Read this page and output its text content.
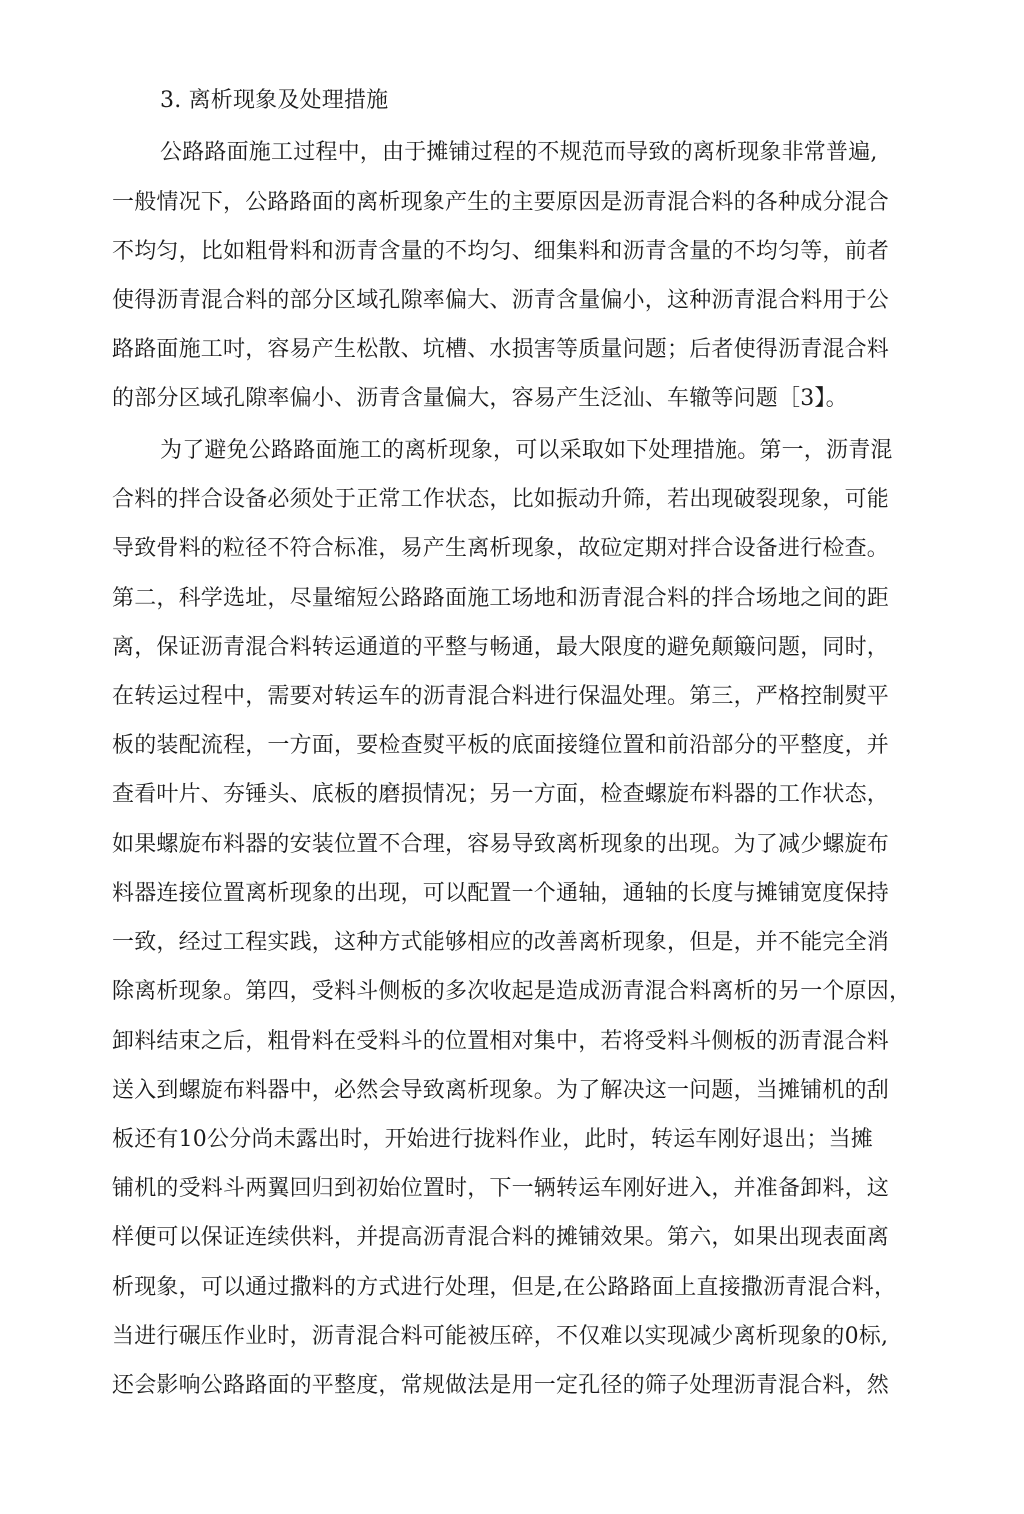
3. 离析现象及处理措施
公路路面施工过程中，由于摊铺过程的不规范而导致的离析现象非常普遍,
一般情况下，公路路面的离析现象产生的主要原因是沥青混合料的各种成分混合
不均匀，比如粗骨料和沥青含量的不均匀、细集料和沥青含量的不均匀等，前者
使得沥青混合料的部分区域孔隙率偏大、沥青含量偏小，这种沥青混合料用于公
路路面施工吋，容易产生松散、坑槽、水损害等质量问题；后者使得沥青混合料
的部分区域孔隙率偏小、沥青含量偏大，容易产生泛汕、车辙等问题［3】。
为了避免公路路面施工的离析现象，可以采取如下处理措施。第一，沥青混
合料的拌合设备必须处于正常工作状态，比如振动升筛，若出现破裂现象，可能
导致骨料的粒径不符合标准，易产生离析现象，故砬定期对拌合设备进行检查。
第二，科学选址，尽量缩短公路路面施工场地和沥青混合料的拌合场地之间的距
离，保证沥青混合料转运通道的平整与畅通，最大限度的避免颠簸问题，同时，
在转运过程中，需要对转运车的沥青混合料进行保温处理。第三，严格控制熨平
板的装配流程，一方面，要检查熨平板的底面接缝位置和前沿部分的平整度，并
查看叶片、夯锤头、底板的磨损情况；另一方面，检查螺旋布料器的工作状态，
如果螺旋布料器的安装位置不合理，容易导致离析现象的出现。为了减少螺旋布
料器连接位置离析现象的出现，可以配置一个通轴，通轴的长度与摊铺宽度保持
一致，经过工程实践，这种方式能够相应的改善离析现象，但是，并不能完全消
除离析现象。第四，受料斗侧板的多次收起是造成沥青混合料离析的另一个原因，
卸料结束之后，粗骨料在受料斗的位置相对集中，若将受料斗侧板的沥青混合料
送入到螺旋布料器中，必然会导致离析现象。为了解决这一问题，当摊铺机的刮
板还有10公分尚未露出时，开始进行拢料作业，此时，转运车刚好退出；当摊
铺机的受料斗两翼回归到初始位置时，下一辆转运车刚好进入，并准备卸料，这
样便可以保证连续供料，并提高沥青混合料的摊铺效果。第六，如果出现表面离
析现象，可以通过撒料的方式进行处理，但是,在公路路面上直接撒沥青混合料，
当进行碾压作业时，沥青混合料可能被压碎，不仅难以实现减少离析现象的0标,
还会影响公路路面的平整度，常规做法是用一定孔径的筛子处理沥青混合料，然
